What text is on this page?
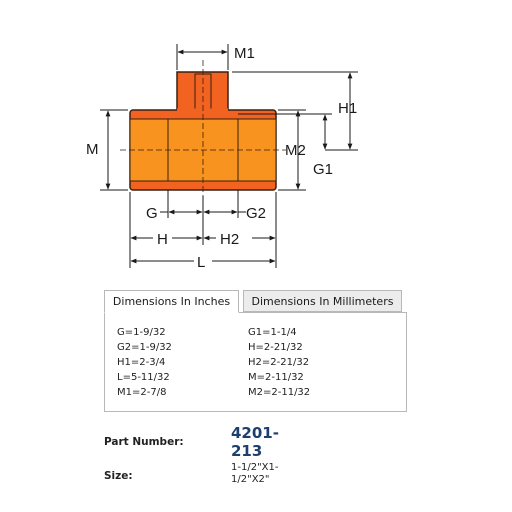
M1
H1
G1
M	M2
G	G2
H	H2
L
Dimensions In Inches	Dimensions In Millimeters
G=1-9/32
G2=1-9/32
H1=2-3/4
L=5-11/32
M1=2-7/8
G1=1-1/4
H=2-21/32
H2=2-21/32
M=2-11/32
M2=2-11/32
Part Number:	4201-213
Size:
1-1/2"X1-1/2"X2"
